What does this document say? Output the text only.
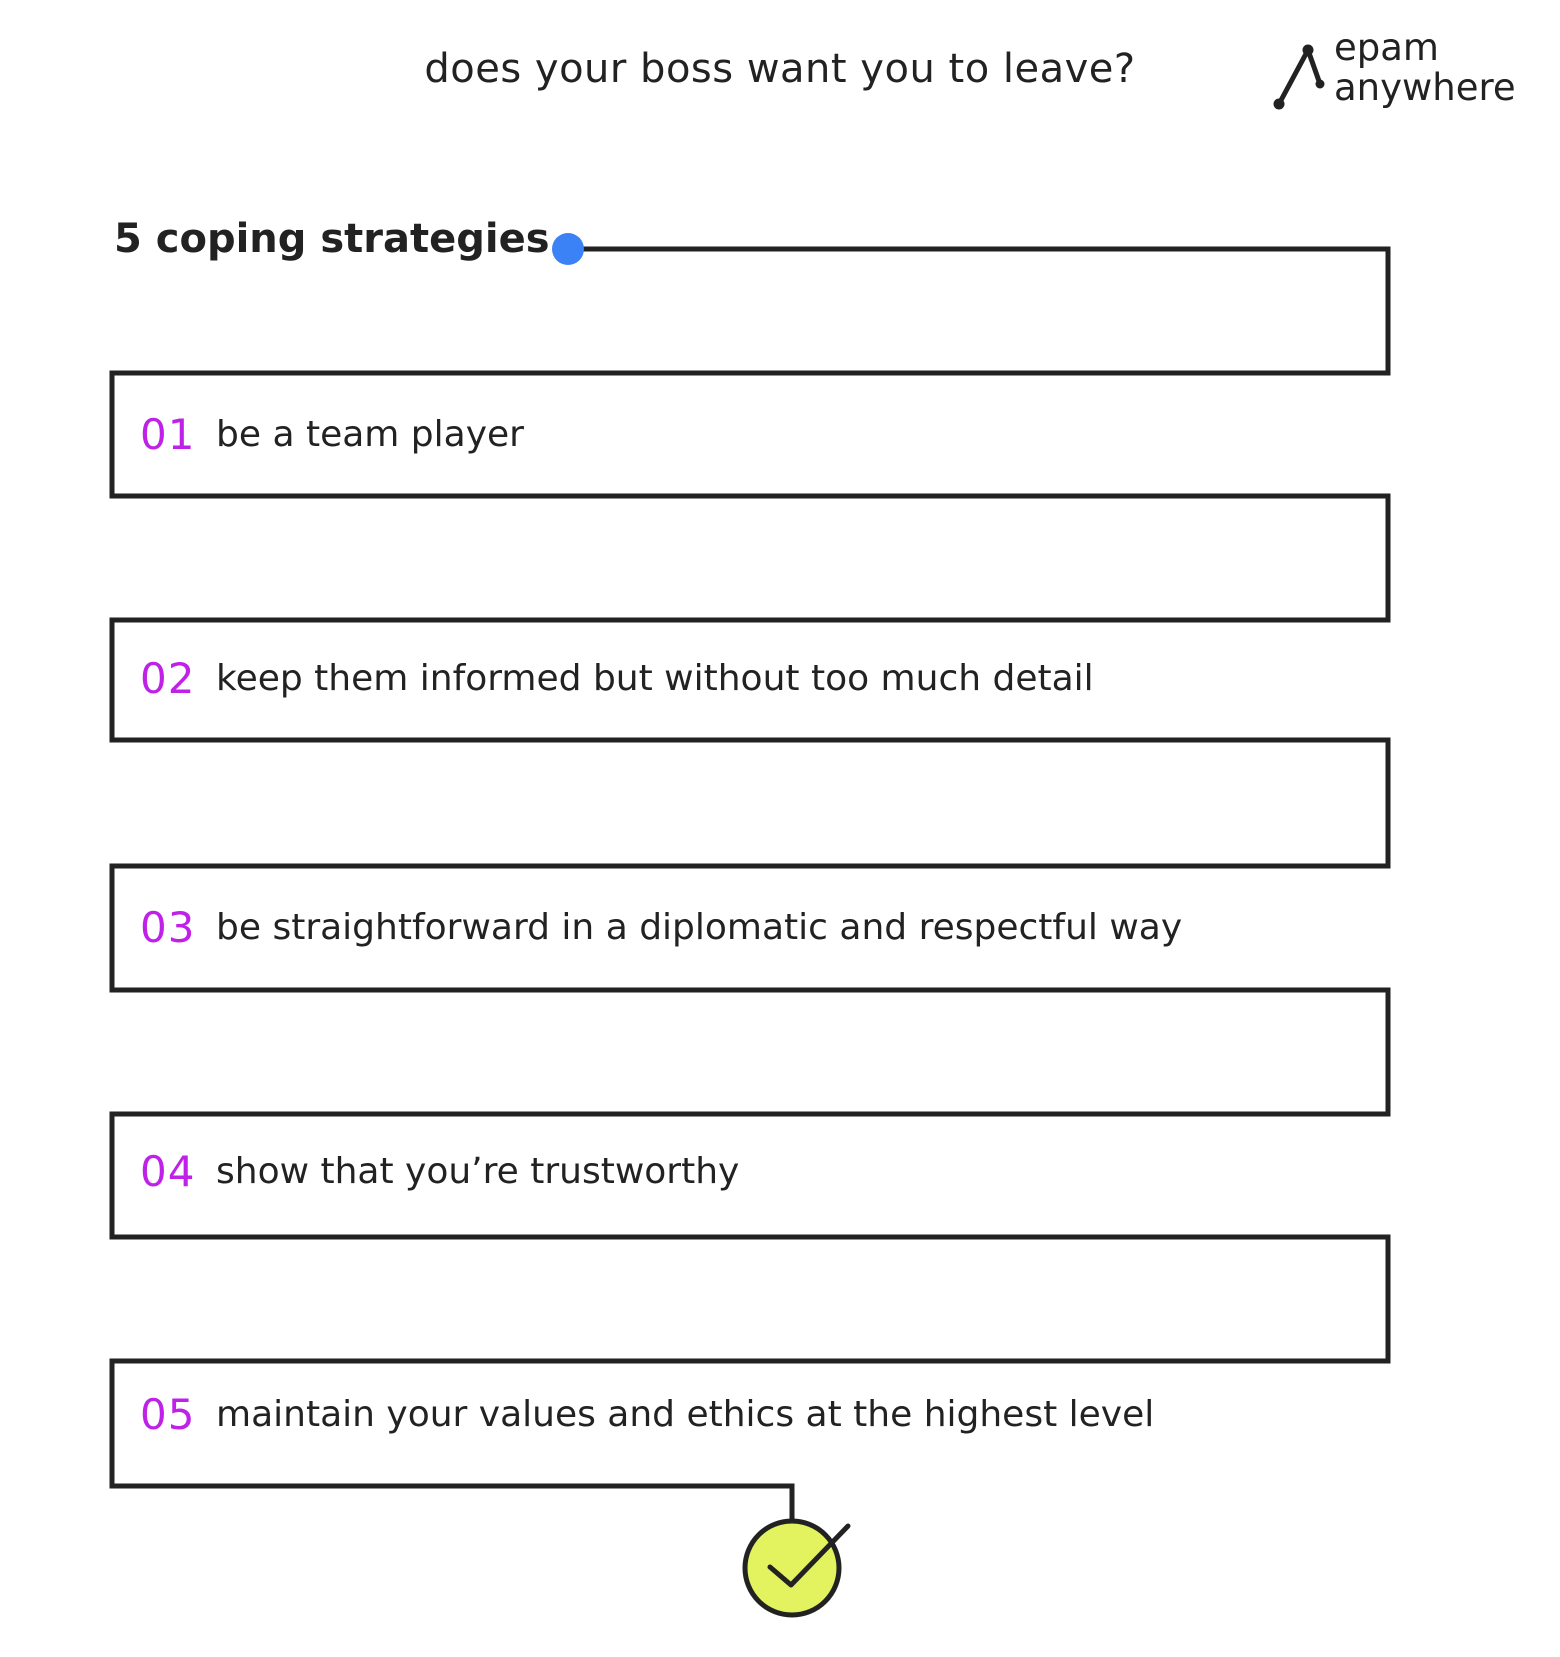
does your boss want you to leave?	epam
anywhere
5 coping strategies
01 be a team player
02 keep them informed but without too much detail
03 be straightforward in a diplomatic and respectful way
04 show that you’re trustworthy
05 maintain your values and ethics at the highest level
